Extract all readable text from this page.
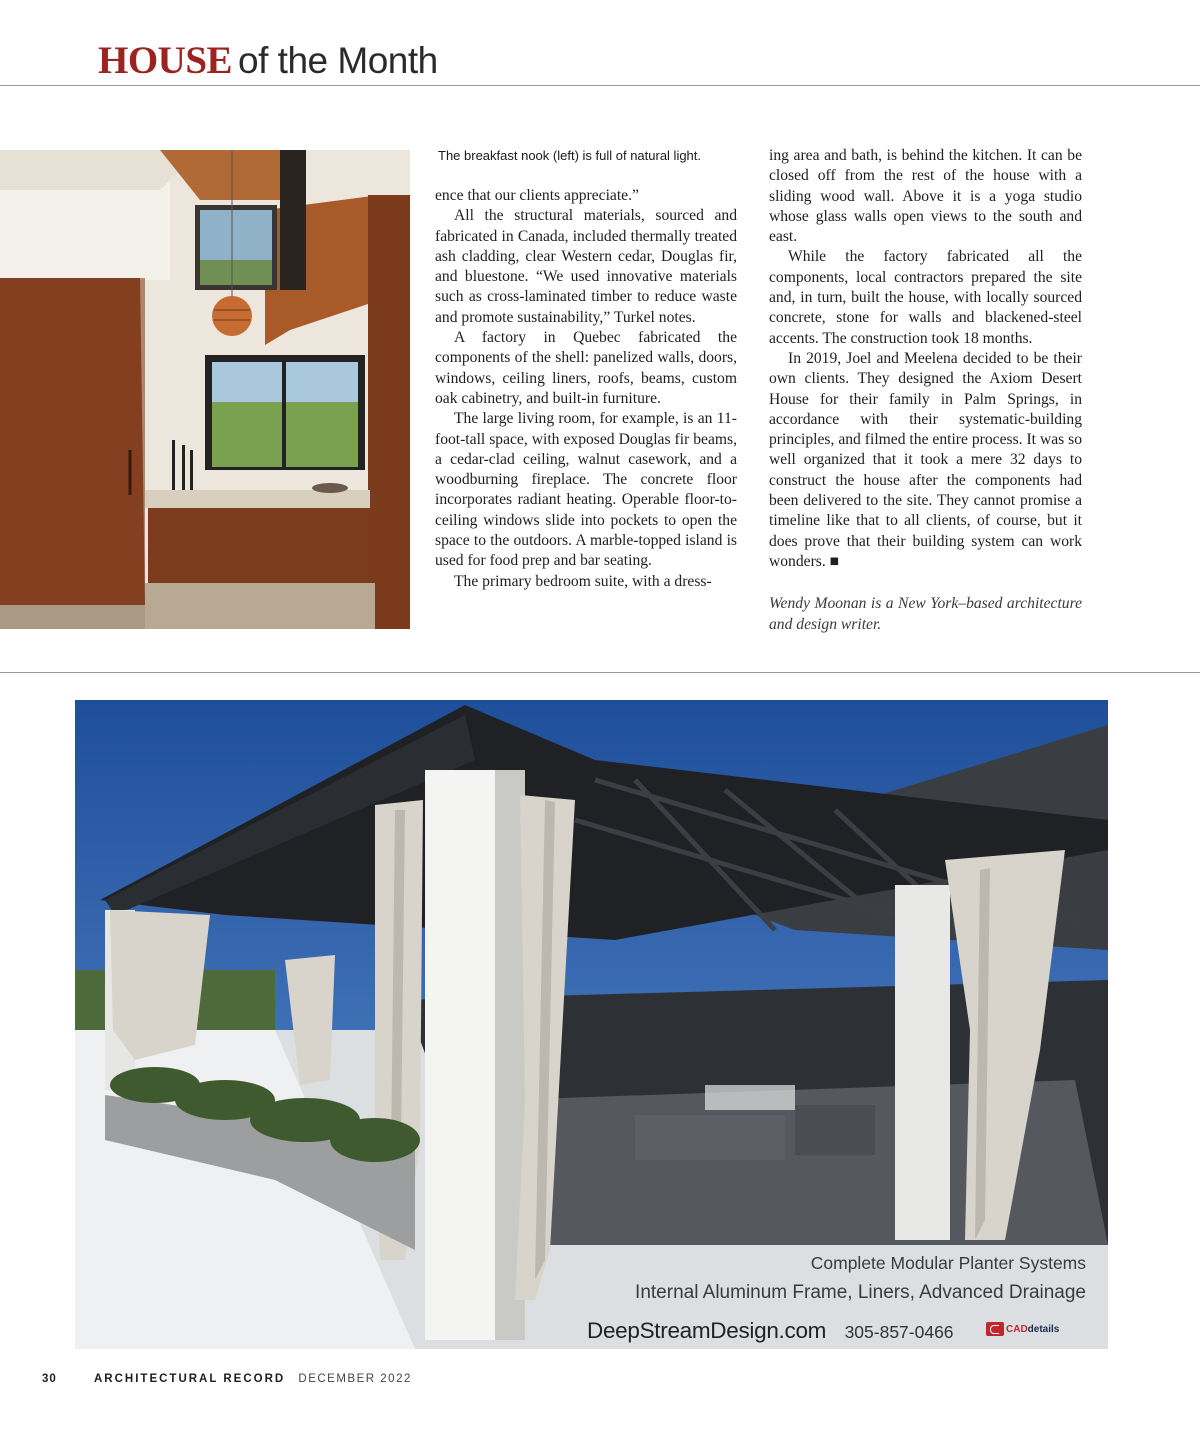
HOUSE of the Month
The breakfast nook (left) is full of natural light.

ence that our clients appreciate.”

All the structural materials, sourced and fabricated in Canada, included thermally treated ash cladding, clear Western cedar, Douglas fir, and bluestone. “We used innovative materials such as cross-laminated timber to reduce waste and promote sustainability,” Turkel notes.

A factory in Quebec fabricated the components of the shell: panelized walls, doors, windows, ceiling liners, roofs, beams, custom oak cabinetry, and built-in furniture.

The large living room, for example, is an 11-foot-tall space, with exposed Douglas fir beams, a cedar-clad ceiling, walnut casework, and a woodburning fireplace. The concrete floor incorporates radiant heating. Operable floor-to-ceiling windows slide into pockets to open the space to the outdoors. A marble-topped island is used for food prep and bar seating.

The primary bedroom suite, with a dress-

ing area and bath, is behind the kitchen. It can be closed off from the rest of the house with a sliding wood wall. Above it is a yoga studio whose glass walls open views to the south and east.

While the factory fabricated all the components, local contractors prepared the site and, in turn, built the house, with locally sourced concrete, stone for walls and blackened-steel accents. The construction took 18 months.

In 2019, Joel and Meelena decided to be their own clients. They designed the Axiom Desert House for their family in Palm Springs, in accordance with their systematic-building principles, and filmed the entire process. It was so well organized that it took a mere 32 days to construct the house after the components had been delivered to the site. They cannot promise a timeline like that to all clients, of course, but it does prove that their building system can work wonders. ■

Wendy Moonan is a New York–based architecture and design writer.

Complete Modular Planter Systems
Internal Aluminum Frame, Liners, Advanced Drainage
DeepStreamDesign.com 305-857-0466	CADdetails
30	ARCHITECTURAL RECORD DECEMBER 2022
